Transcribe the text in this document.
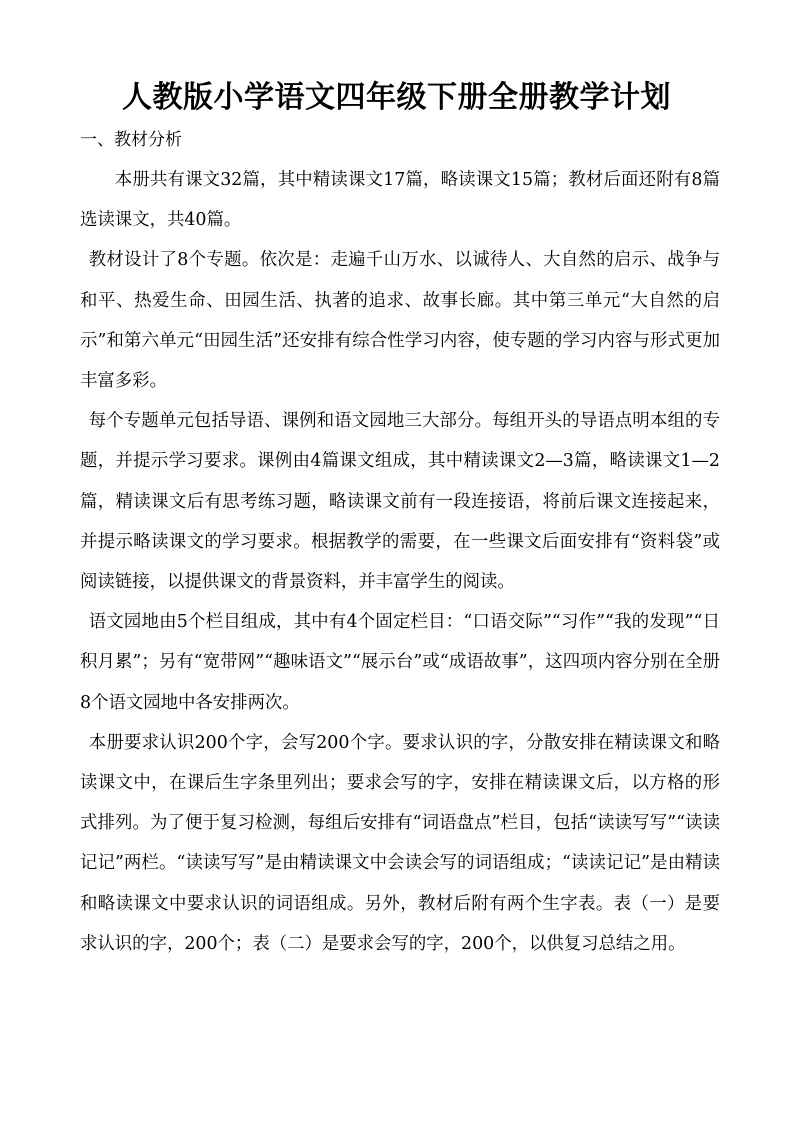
人教版小学语文四年级下册全册教学计划
一、教材分析

本册共有课文32篇，其中精读课文17篇，略读课文15篇；教材后面还附有8篇选读课文，共40篇。

教材设计了8个专题。依次是：走遍千山万水、以诚待人、大自然的启示、战争与和平、热爱生命、田园生活、执著的追求、故事长廊。其中第三单元“大自然的启示”和第六单元“田园生活”还安排有综合性学习内容，使专题的学习内容与形式更加丰富多彩。

每个专题单元包括导语、课例和语文园地三大部分。每组开头的导语点明本组的专题，并提示学习要求。课例由4篇课文组成，其中精读课文2—3篇，略读课文1—2篇，精读课文后有思考练习题，略读课文前有一段连接语，将前后课文连接起来，并提示略读课文的学习要求。根据教学的需要，在一些课文后面安排有“资料袋”或阅读链接，以提供课文的背景资料，并丰富学生的阅读。

语文园地由5个栏目组成，其中有4个固定栏目：“口语交际”“习作”“我的发现”“日积月累”；另有“宽带网”“趣味语文”“展示台”或“成语故事”，这四项内容分别在全册8个语文园地中各安排两次。

本册要求认识200个字，会写200个字。要求认识的字，分散安排在精读课文和略读课文中，在课后生字条里列出；要求会写的字，安排在精读课文后，以方格的形式排列。为了便于复习检测，每组后安排有“词语盘点”栏目，包括“读读写写”“读读记记”两栏。“读读写写”是由精读课文中会读会写的词语组成；“读读记记”是由精读和略读课文中要求认识的词语组成。另外，教材后附有两个生字表。表（一）是要求认识的字，200个；表（二）是要求会写的字，200个，以供复习总结之用。
